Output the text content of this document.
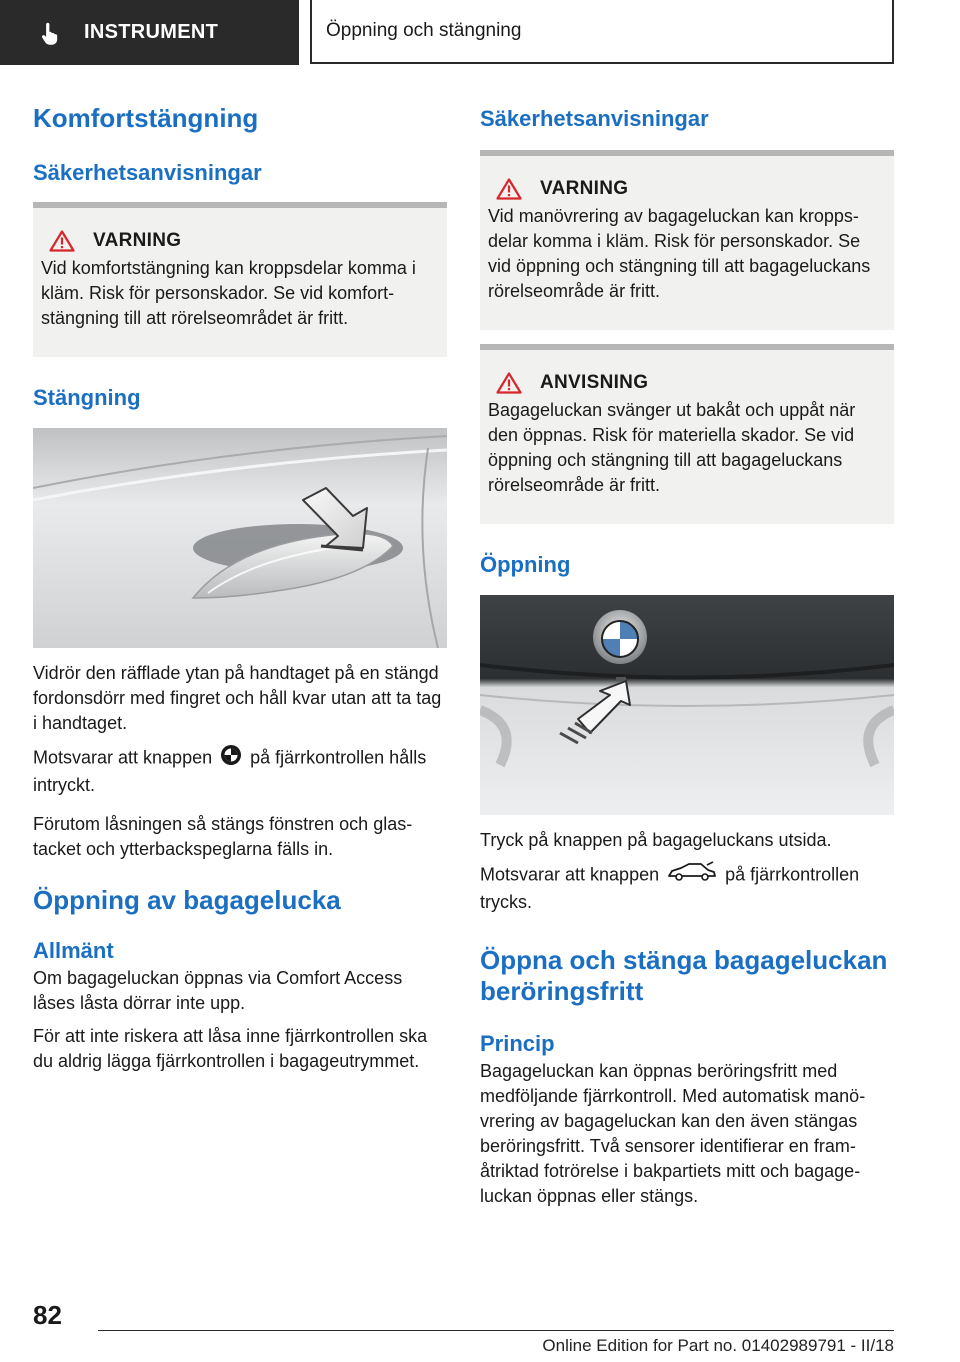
INSTRUMENT	Öppning och stängning
Komfortstängning
Säkerhetsanvisningar
VARNING

Vid komfortstängning kan kroppsdelar komma i kläm. Risk för personskador. Se vid komfortstängning till att rörelseområdet är fritt.

Stängning

Vidrör den räfflade ytan på handtaget på en stängd fordonsdörr med fingret och håll kvar utan att ta tag i handtaget.

Motsvarar att knappen på fjärrkontrollen hålls intryckt.

Förutom låsningen så stängs fönstren och glastacket och ytterbackspeglarna fälls in.

Öppning av bagagelucka
Allmänt

Om bagageluckan öppnas via Comfort Access låses låsta dörrar inte upp.

För att inte riskera att låsa inne fjärrkontrollen ska du aldrig lägga fjärrkontrollen i bagageutrymmet.

Säkerhetsanvisningar
VARNING

Vid manövrering av bagageluckan kan kroppsdelar komma i kläm. Risk för personskador. Se vid öppning och stängning till att bagageluckans rörelseområde är fritt.

ANVISNING

Bagageluckan svänger ut bakåt och uppåt när den öppnas. Risk för materiella skador. Se vid öppning och stängning till att bagageluckans rörelseområde är fritt.

Öppning

Tryck på knappen på bagageluckans utsida.

Motsvarar att knappen	på fjärrkontrollen trycks.

Öppna och stänga bagageluckan beröringsfritt
Princip

Bagageluckan kan öppnas beröringsfritt med medföljande fjärrkontroll. Med automatisk manövrering av bagageluckan kan den även stängas beröringsfritt. Två sensorer identifierar en framåtriktad fotrörelse i bakpartiets mitt och bagageluckan öppnas eller stängs.

82
Online Edition for Part no. 01402989791 - II/18
